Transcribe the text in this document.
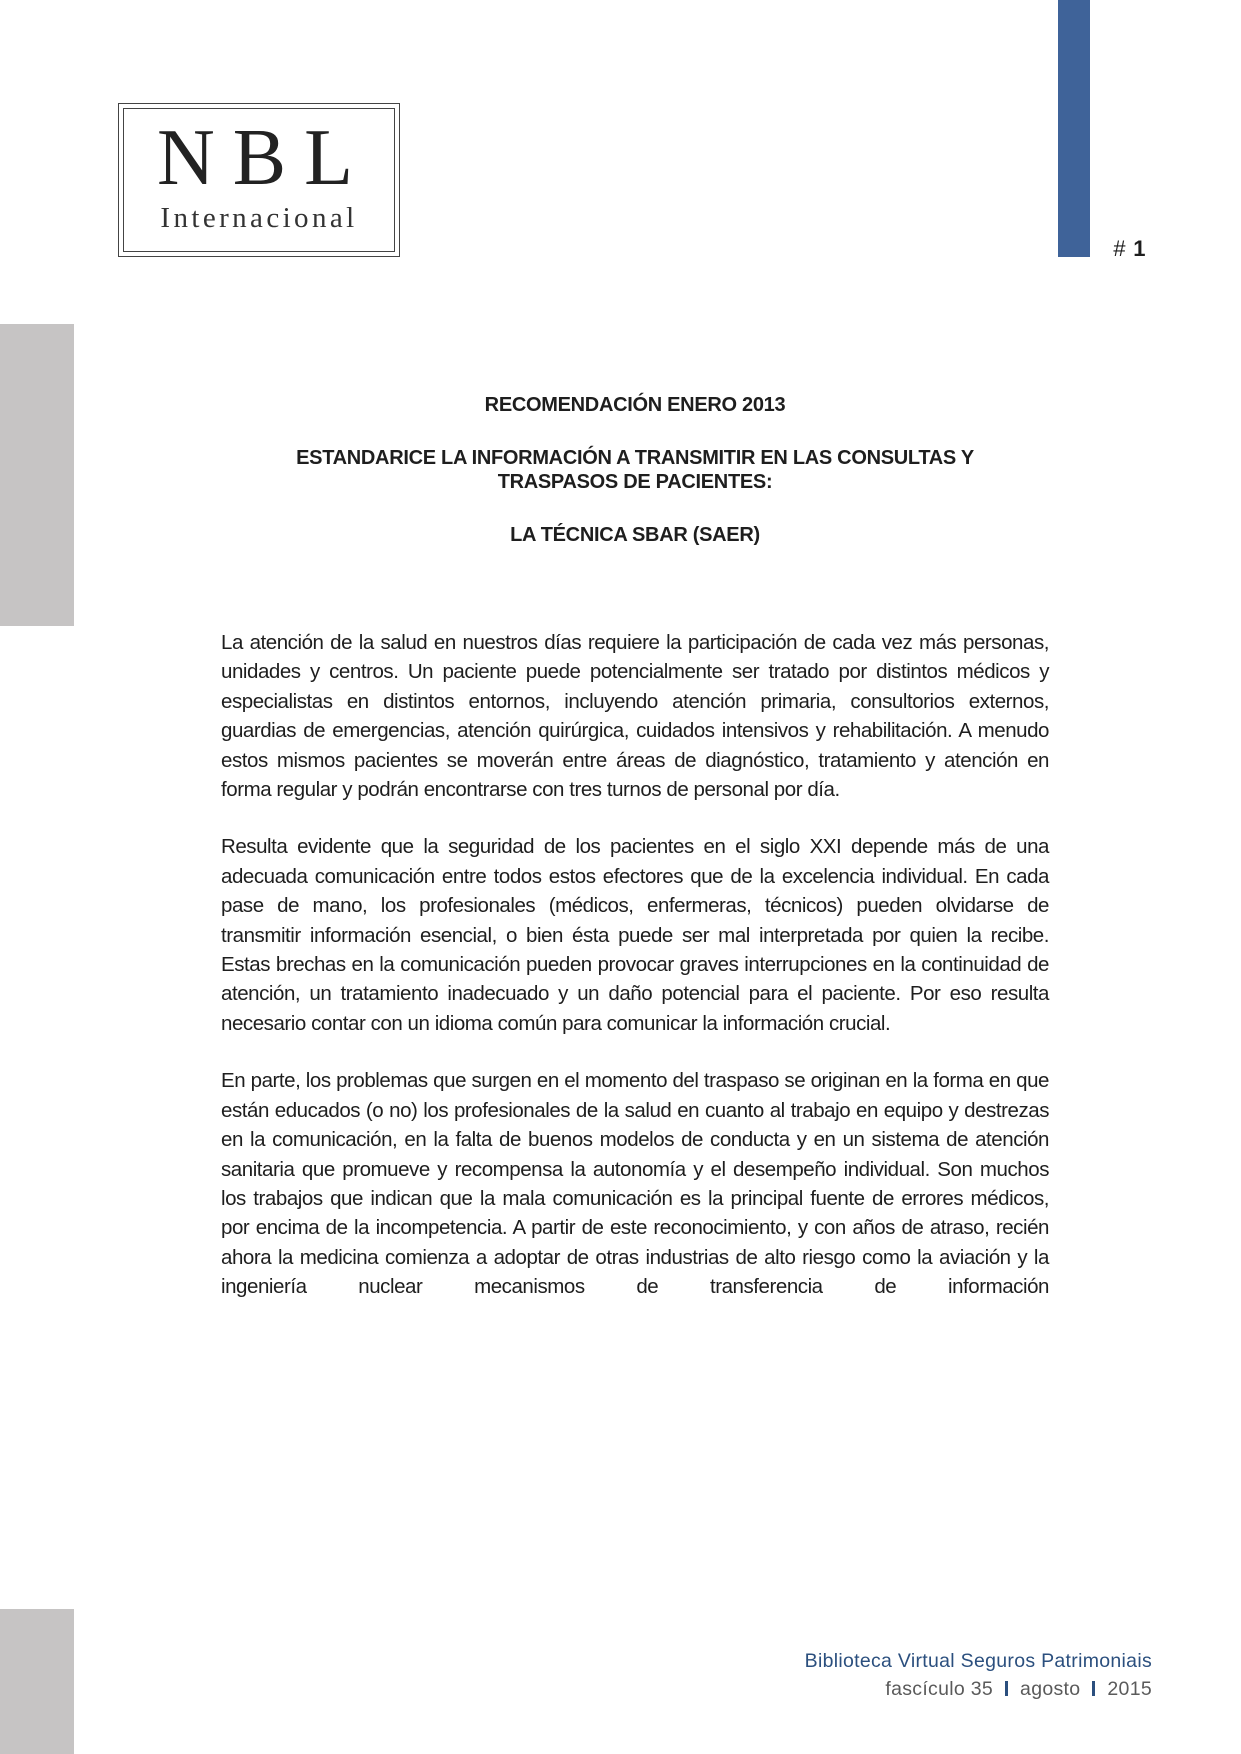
# 1
NBL
Internacional
RECOMENDACIÓN ENERO 2013
ESTANDARICE LA INFORMACIÓN A TRANSMITIR EN LAS CONSULTAS Y
TRASPASOS DE PACIENTES:
LA TÉCNICA SBAR (SAER)

La atención de la salud en nuestros días requiere la participación de cada vez más personas, unidades y centros. Un paciente puede potencialmente ser tratado por distintos médicos y especialistas en distintos entornos, incluyendo atención primaria, consultorios externos, guardias de emergencias, atención quirúrgica, cuidados intensivos y rehabilitación. A menudo estos mismos pacientes se moverán entre áreas de diagnóstico, tratamiento y atención en forma regular y podrán encontrarse con tres turnos de personal por día.

Resulta evidente que la seguridad de los pacientes en el siglo XXI depende más de una adecuada comunicación entre todos estos efectores que de la excelencia individual. En cada pase de mano, los profesionales (médicos, enfermeras, técnicos) pueden olvidarse de transmitir información esencial, o bien ésta puede ser mal interpretada por quien la recibe. Estas brechas en la comunicación pueden provocar graves interrupciones en la continuidad de atención, un tratamiento inadecuado y un daño potencial para el paciente. Por eso resulta necesario contar con un idioma común para comunicar la información crucial.

En parte, los problemas que surgen en el momento del traspaso se originan en la forma en que están educados (o no) los profesionales de la salud en cuanto al trabajo en equipo y destrezas en la comunicación, en la falta de buenos modelos de conducta y en un sistema de atención sanitaria que promueve y recompensa la autonomía y el desempeño individual. Son muchos los trabajos que indican que la mala comunicación es la principal fuente de errores médicos, por encima de la incompetencia. A partir de este reconocimiento, y con años de atraso, recién ahora la medicina comienza a adoptar de otras industrias de alto riesgo como la aviación y la ingeniería nuclear mecanismos de transferencia de información

Biblioteca Virtual Seguros Patrimoniais
fascículo 35 agosto 2015
